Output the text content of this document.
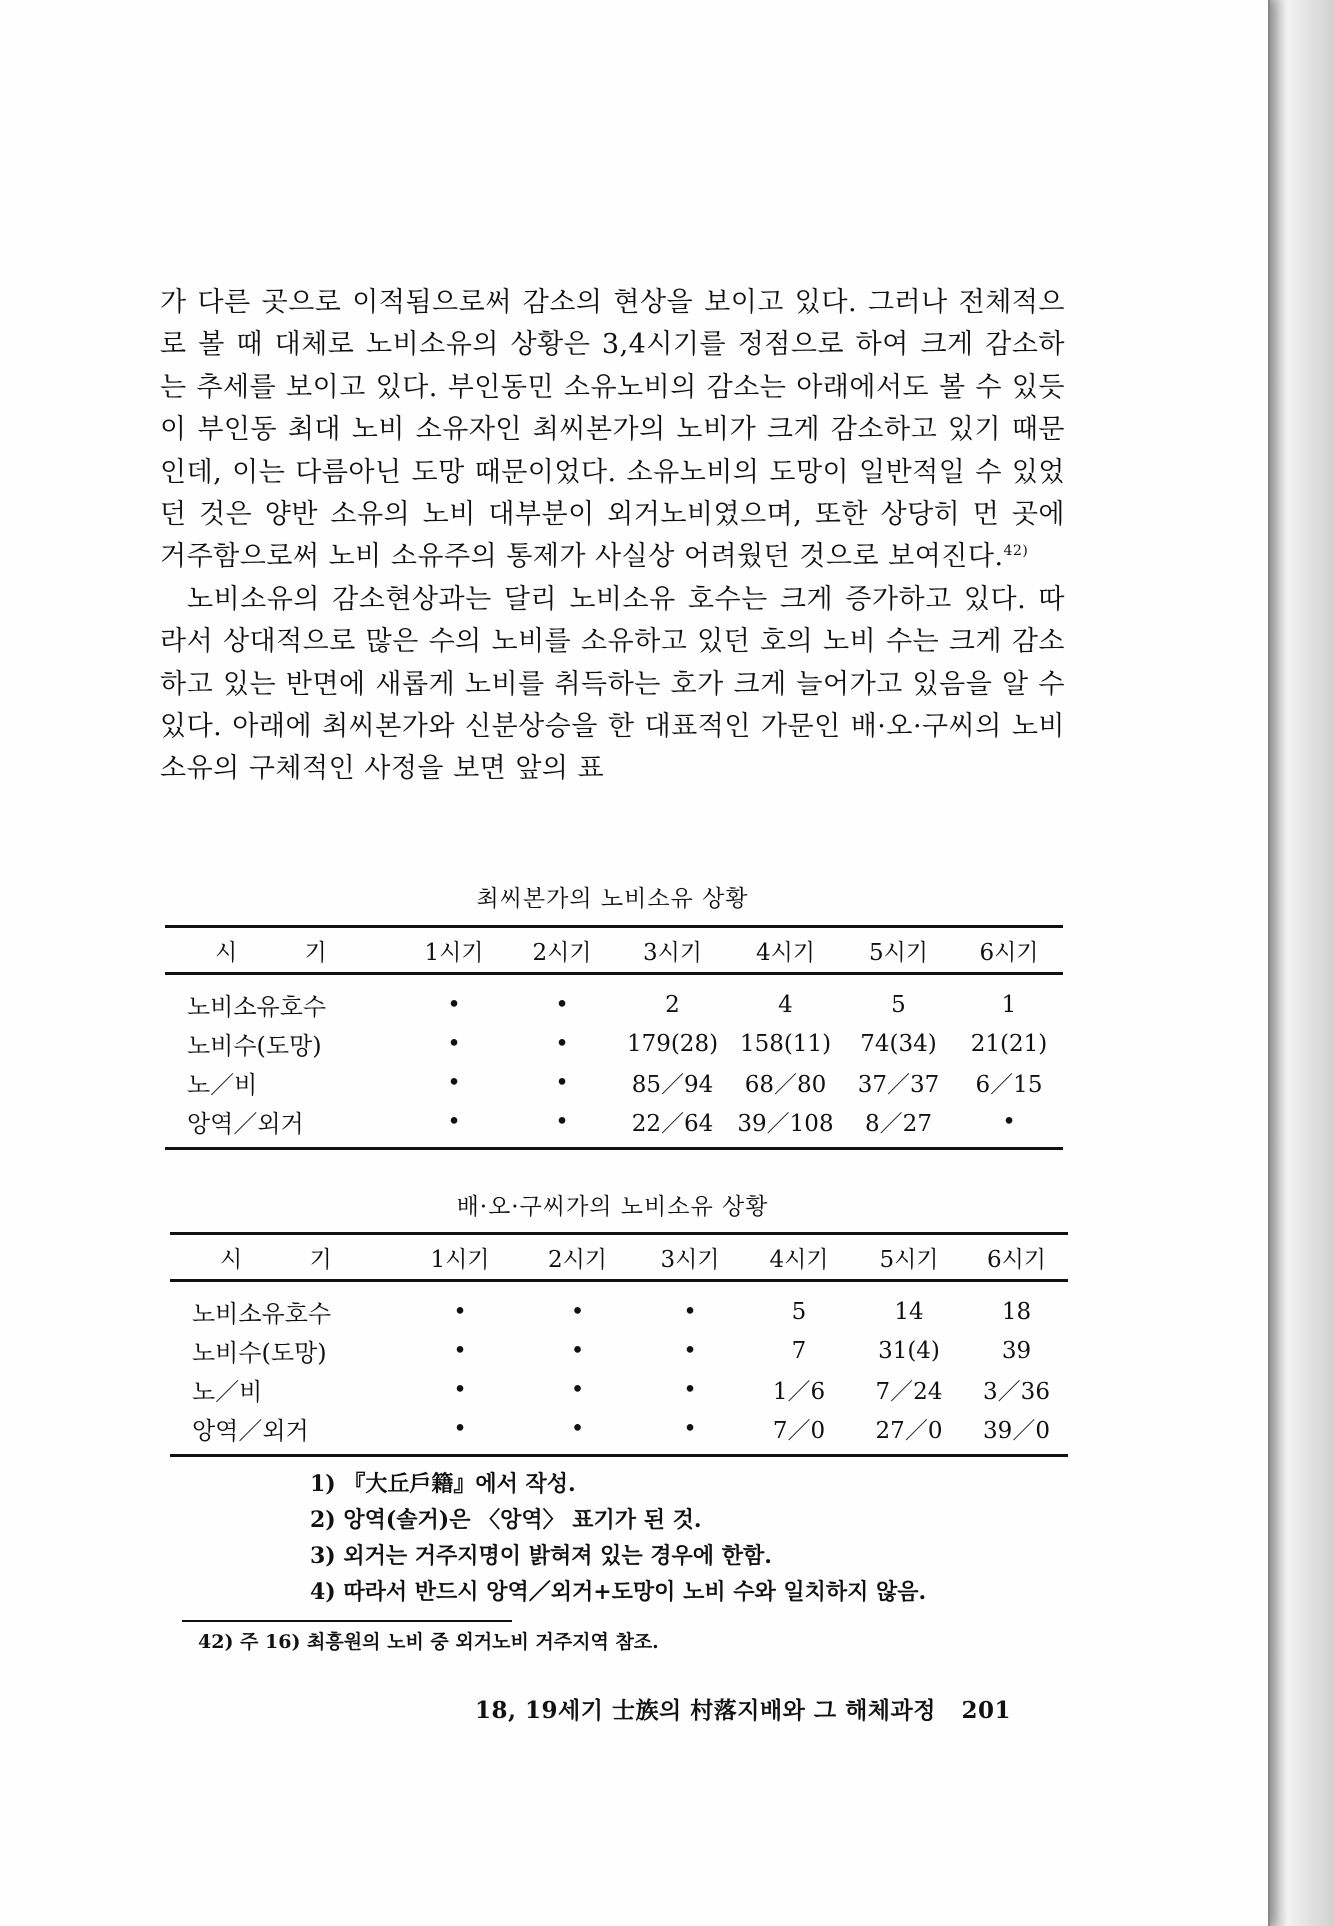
가 다른 곳으로 이적됨으로써 감소의 현상을 보이고 있다. 그러나 전체적으로 볼 때 대체로 노비소유의 상황은 3,4시기를 정점으로 하여 크게 감소하는 추세를 보이고 있다. 부인동민 소유노비의 감소는 아래에서도 볼 수 있듯이 부인동 최대 노비 소유자인 최씨본가의 노비가 크게 감소하고 있기 때문인데, 이는 다름아닌 도망 때문이었다. 소유노비의 도망이 일반적일 수 있었던 것은 양반 소유의 노비 대부분이 외거노비였으며, 또한 상당히 먼 곳에 거주함으로써 노비 소유주의 통제가 사실상 어려웠던 것으로 보여진다.$^{42)}$

노비소유의 감소현상과는 달리 노비소유 호수는 크게 증가하고 있다. 따라서 상대적으로 많은 수의 노비를 소유하고 있던 호의 노비 수는 크게 감소하고 있는 반면에 새롭게 노비를 취득하는 호가 크게 늘어가고 있음을 알 수 있다. 아래에 최씨본가와 신분상승을 한 대표적인 가문인 배·오·구씨의 노비소유의 구체적인 사정을 보면 앞의 표

최씨본가의 노비소유 상황
시 기	1시기	2시기	3시기	4시기	5시기	6시기
노비소유호수	•	•	2	4	5	1
노비수(도망)	•	•	179(28)	158(11)	74(34)	21(21)
노／비	•	•	85／94	68／80	37／37	6／15
앙역／외거	•	•	22／64	39／108	8／27	•
배·오·구씨가의 노비소유 상황
시 기	1시기	2시기	3시기	4시기	5시기	6시기
노비소유호수	•	•	•	5	14	18
노비수(도망)	•	•	•	7	31(4)	39
노／비	•	•	•	1／6	7／24	3／36
앙역／외거	•	•	•	7／0	27／0	39／0
1) 『大丘戶籍』에서 작성.
2) 앙역(솔거)은 〈앙역〉 표기가 된 것.
3) 외거는 거주지명이 밝혀져 있는 경우에 한함.
4) 따라서 반드시 앙역／외거+도망이 노비 수와 일치하지 않음.
42) 주 16) 최흥원의 노비 중 외거노비 거주지역 참조.
18, 19세기 士族의 村落지배와 그 해체과정 201
